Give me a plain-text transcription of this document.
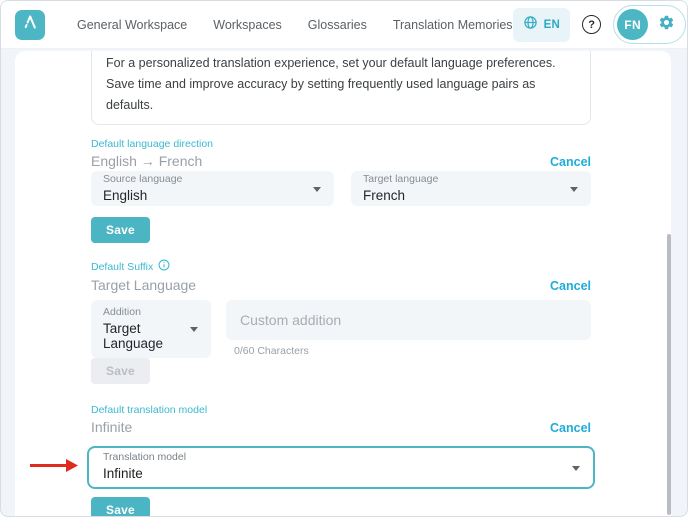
General Workspace Workspaces Glossaries Translation Memories	EN	?	FN
For a personalized translation experience, set your default language preferences. Save time and improve accuracy by setting frequently used language pairs as defaults.
Default language direction
English → French	Cancel
Source language
English
Target language
French
Save
Default Suffix
Target Language	Cancel
Addition
Target Language
Custom addition	0/60 Characters
Save
Default translation model
Infinite	Cancel
Translation model
Infinite
Save
